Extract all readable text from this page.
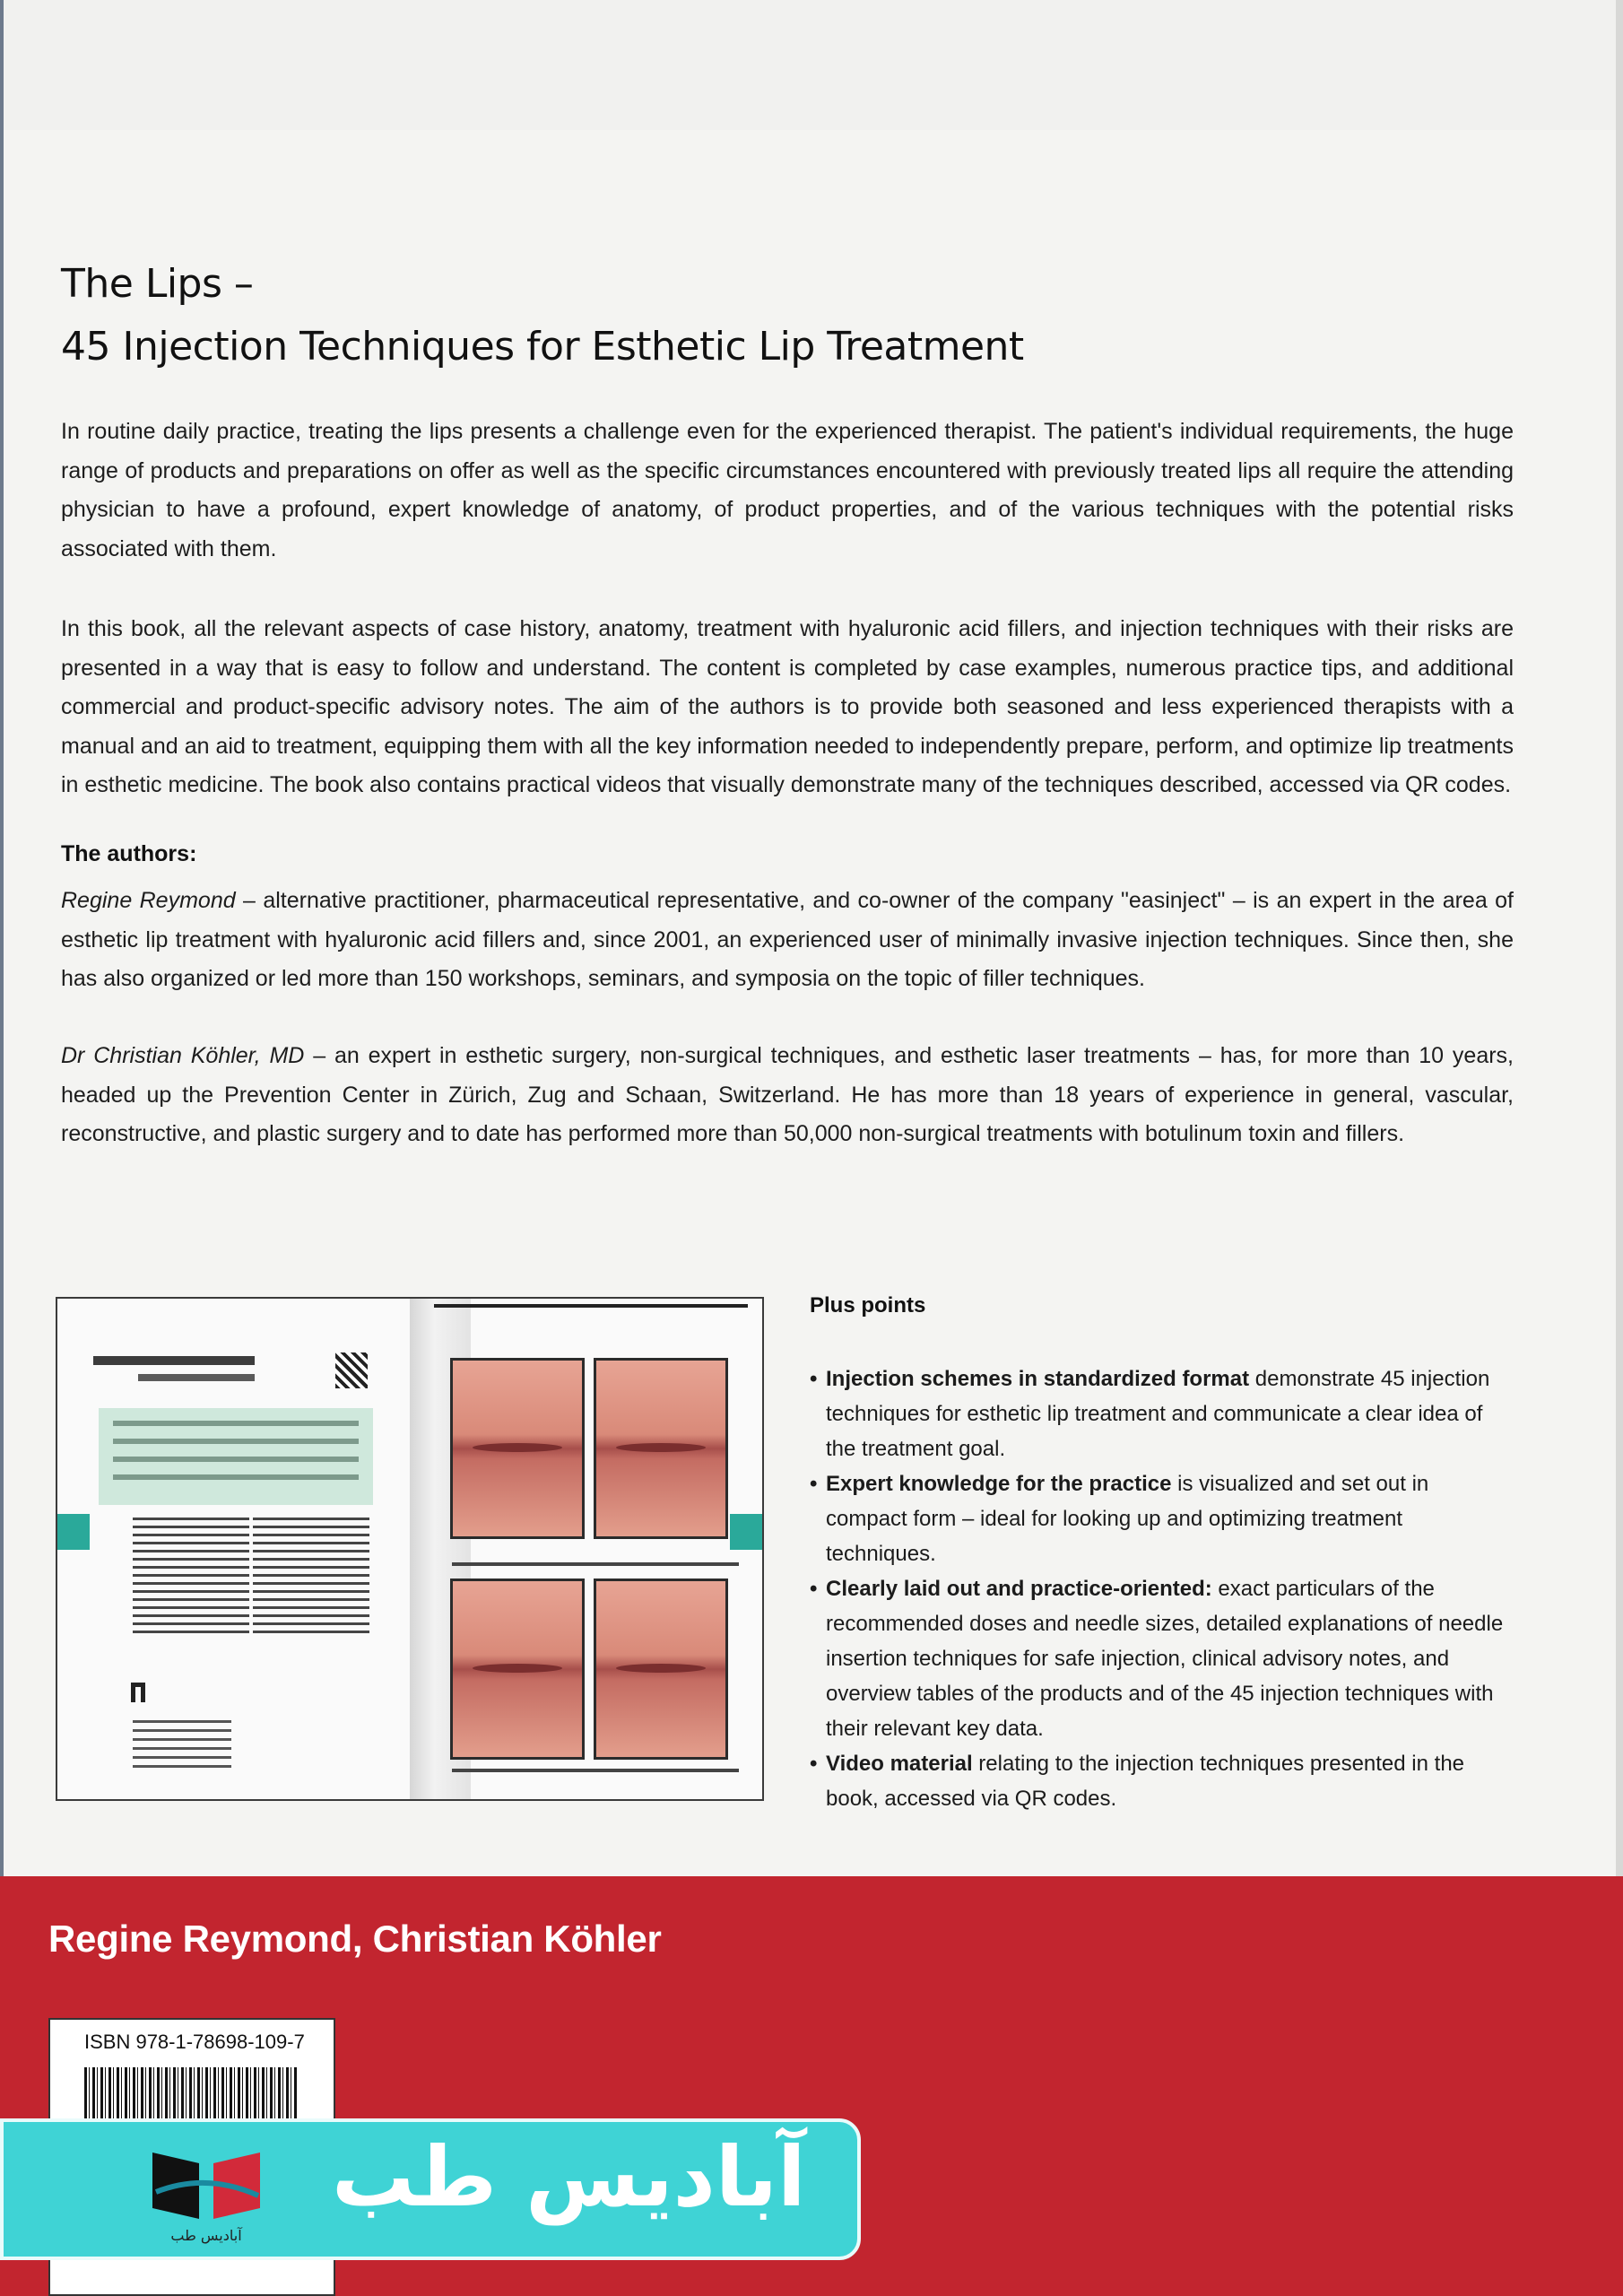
The Lips –
45 Injection Techniques for Esthetic Lip Treatment

In routine daily practice, treating the lips presents a challenge even for the experienced therapist. The patient's individual requirements, the huge range of products and preparations on offer as well as the specific circumstances encountered with previously treated lips all require the attending physician to have a profound, expert knowledge of anatomy, of product properties, and of the various techniques with the potential risks associated with them.

In this book, all the relevant aspects of case history, anatomy, treatment with hyaluronic acid fillers, and injection techniques with their risks are presented in a way that is easy to follow and understand. The content is completed by case examples, numerous practice tips, and additional commercial and product-specific advisory notes. The aim of the authors is to provide both seasoned and less experienced therapists with a manual and an aid to treatment, equipping them with all the key information needed to independently prepare, perform, and optimize lip treatments in esthetic medicine. The book also contains practical videos that visually demonstrate many of the techniques described, accessed via QR codes.

The authors:

Regine Reymond – alternative practitioner, pharmaceutical representative, and co-owner of the company "easinject" – is an expert in the area of esthetic lip treatment with hyaluronic acid fillers and, since 2001, an experienced user of minimally invasive injection techniques. Since then, she has also organized or led more than 150 workshops, seminars, and symposia on the topic of filler techniques.

Dr Christian Köhler, MD – an expert in esthetic surgery, non-surgical techniques, and esthetic laser treatments – has, for more than 10 years, headed up the Prevention Center in Zürich, Zug and Schaan, Switzerland. He has more than 18 years of experience in general, vascular, reconstructive, and plastic surgery and to date has performed more than 50,000 non-surgical treatments with botulinum toxin and fillers.

Plus points
• Injection schemes in standardized format demonstrate 45 injection techniques for esthetic lip treatment and communicate a clear idea of the treatment goal.
• Expert knowledge for the practice is visualized and set out in compact form – ideal for looking up and optimizing treatment techniques.
• Clearly laid out and practice-oriented: exact particulars of the recommended doses and needle sizes, detailed explanations of needle insertion techniques for safe injection, clinical advisory notes, and overview tables of the products and of the 45 injection techniques with their relevant key data.
• Video material relating to the injection techniques presented in the book, accessed via QR codes.
Regine Reymond, Christian Köhler
ISBN 978-1-78698-109-7
آبادیس طب
آبادیس طب
